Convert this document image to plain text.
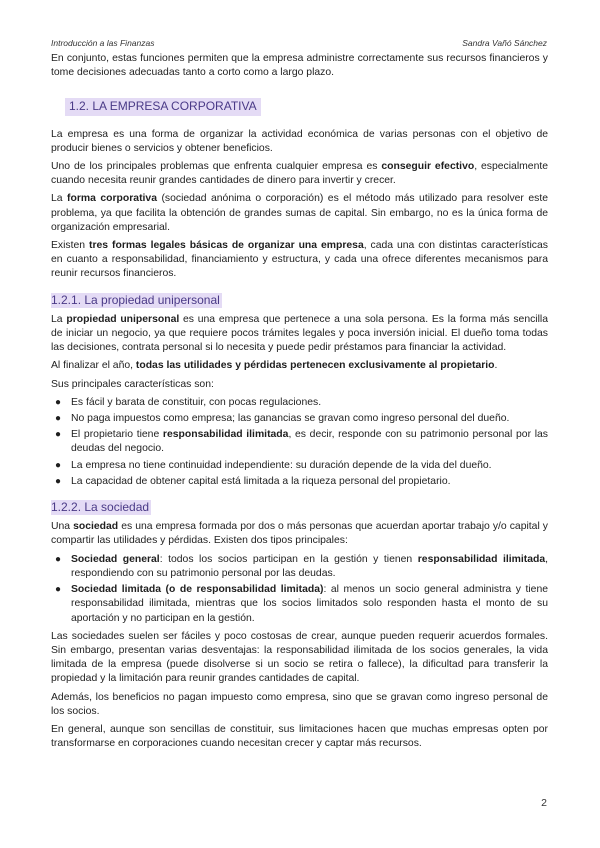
Introducción a las Finanzas	Sandra Vañó Sánchez

En conjunto, estas funciones permiten que la empresa administre correctamente sus recursos financieros y tome decisiones adecuadas tanto a corto como a largo plazo.

1.2. LA EMPRESA CORPORATIVA

La empresa es una forma de organizar la actividad económica de varias personas con el objetivo de producir bienes o servicios y obtener beneficios.

Uno de los principales problemas que enfrenta cualquier empresa es conseguir efectivo, especialmente cuando necesita reunir grandes cantidades de dinero para invertir y crecer.

La forma corporativa (sociedad anónima o corporación) es el método más utilizado para resolver este problema, ya que facilita la obtención de grandes sumas de capital. Sin embargo, no es la única forma de organización empresarial.

Existen tres formas legales básicas de organizar una empresa, cada una con distintas características en cuanto a responsabilidad, financiamiento y estructura, y cada una ofrece diferentes mecanismos para reunir recursos financieros.

1.2.1. La propiedad unipersonal

La propiedad unipersonal es una empresa que pertenece a una sola persona. Es la forma más sencilla de iniciar un negocio, ya que requiere pocos trámites legales y poca inversión inicial. El dueño toma todas las decisiones, contrata personal si lo necesita y puede pedir préstamos para financiar la actividad.

Al finalizar el año, todas las utilidades y pérdidas pertenecen exclusivamente al propietario.

Sus principales características son:

● Es fácil y barata de constituir, con pocas regulaciones.
● No paga impuestos como empresa; las ganancias se gravan como ingreso personal del dueño.
● El propietario tiene responsabilidad ilimitada, es decir, responde con su patrimonio personal por las deudas del negocio.
● La empresa no tiene continuidad independiente: su duración depende de la vida del dueño.
● La capacidad de obtener capital está limitada a la riqueza personal del propietario.
1.2.2. La sociedad

Una sociedad es una empresa formada por dos o más personas que acuerdan aportar trabajo y/o capital y compartir las utilidades y pérdidas. Existen dos tipos principales:

● Sociedad general: todos los socios participan en la gestión y tienen responsabilidad ilimitada, respondiendo con su patrimonio personal por las deudas.
● Sociedad limitada (o de responsabilidad limitada): al menos un socio general administra y tiene responsabilidad ilimitada, mientras que los socios limitados solo responden hasta el monto de su aportación y no participan en la gestión.

Las sociedades suelen ser fáciles y poco costosas de crear, aunque pueden requerir acuerdos formales. Sin embargo, presentan varias desventajas: la responsabilidad ilimitada de los socios generales, la vida limitada de la empresa (puede disolverse si un socio se retira o fallece), la dificultad para transferir la propiedad y la limitación para reunir grandes cantidades de capital.

Además, los beneficios no pagan impuesto como empresa, sino que se gravan como ingreso personal de los socios.

En general, aunque son sencillas de constituir, sus limitaciones hacen que muchas empresas opten por transformarse en corporaciones cuando necesitan crecer y captar más recursos.

2
